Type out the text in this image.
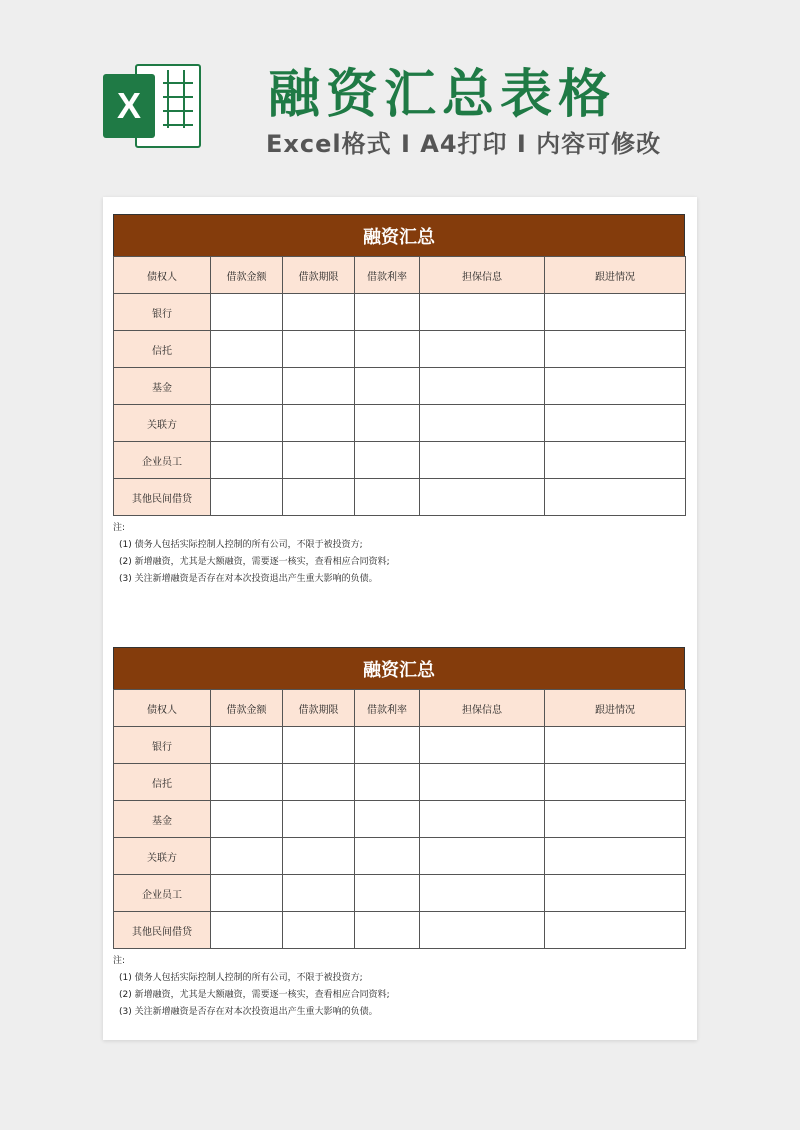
X 融资汇总表格
Excel格式 I A4打印 I 内容可修改
融资汇总
债权人	借款金额	借款期限	借款利率	担保信息	跟进情况
银行					
信托					
基金					
关联方					
企业员工					
其他民间借贷					
注:
(1) 债务人包括实际控制人控制的所有公司，不限于被投资方;
(2) 新增融资，尤其是大额融资，需要逐一核实，查看相应合同资料;
(3) 关注新增融资是否存在对本次投资退出产生重大影响的负债。
融资汇总
债权人	借款金额	借款期限	借款利率	担保信息	跟进情况
银行					
信托					
基金					
关联方					
企业员工					
其他民间借贷					
注:
(1) 债务人包括实际控制人控制的所有公司，不限于被投资方;
(2) 新增融资，尤其是大额融资，需要逐一核实，查看相应合同资料;
(3) 关注新增融资是否存在对本次投资退出产生重大影响的负债。
